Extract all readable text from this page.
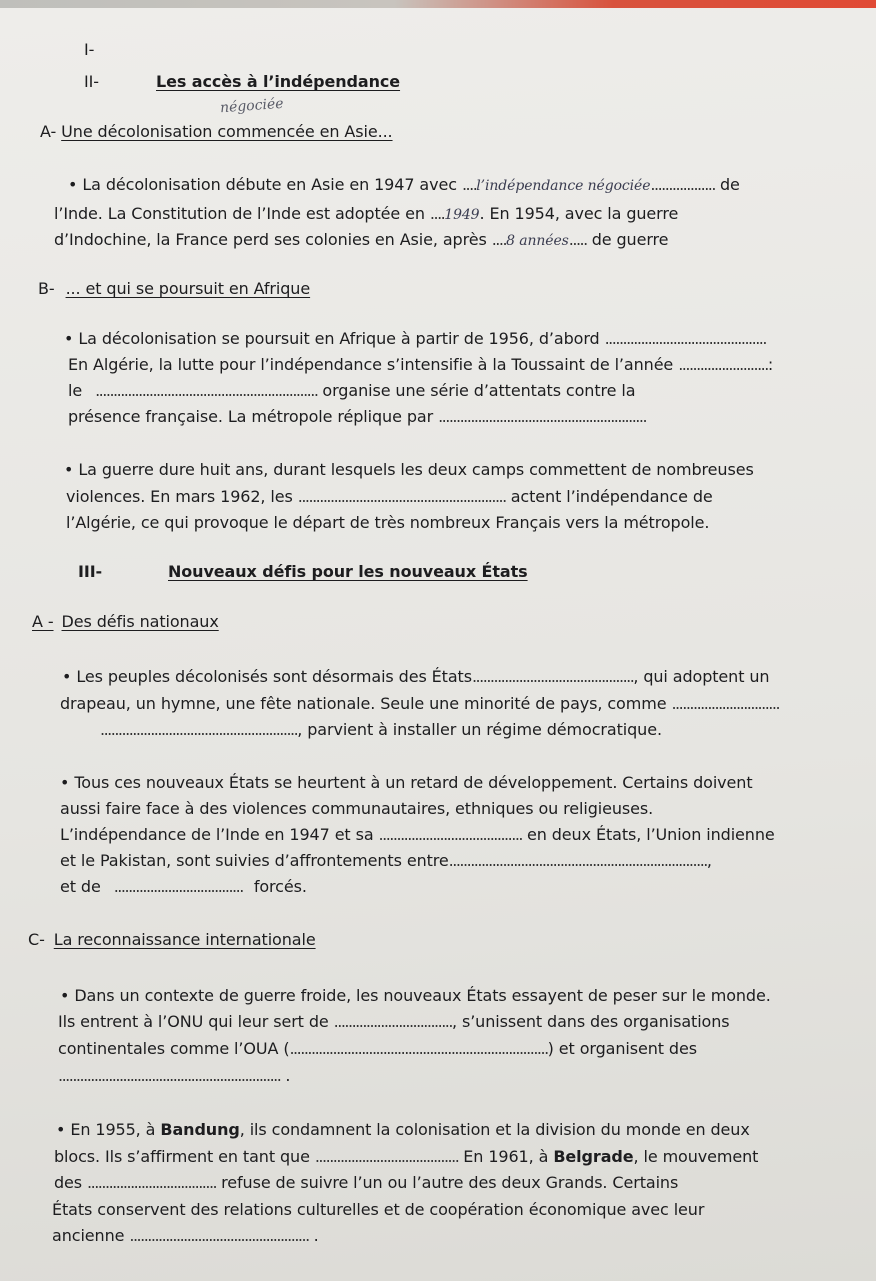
I-
II-	Les accès à l’indépendance
négociée
A- Une décolonisation commencée en Asie...
• La décolonisation débute en Asie en 1947 avec ....l’indépendance négociée.................. de
l’Inde. La Constitution de l’Inde est adoptée en ....1949. En 1954, avec la guerre
d’Indochine, la France perd ses colonies en Asie, après ....8 années..... de guerre
B- ... et qui se poursuit en Afrique
• La décolonisation se poursuit en Afrique à partir de 1956, d’abord .............................................
En Algérie, la lutte pour l’indépendance s’intensifie à la Toussaint de l’année .........................:
le .............................................................. organise une série d’attentats contre la
présence française. La métropole réplique par ..........................................................
• La guerre dure huit ans, durant lesquels les deux camps commettent de nombreuses
violences. En mars 1962, les .......................................................... actent l’indépendance de
l’Algérie, ce qui provoque le départ de très nombreux Français vers la métropole.
III-	Nouveaux défis pour les nouveaux États
A - Des défis nationaux
• Les peuples décolonisés sont désormais des États............................................., qui adoptent un
drapeau, un hymne, une fête nationale. Seule une minorité de pays, comme ..............................
......................................................., parvient à installer un régime démocratique.
• Tous ces nouveaux États se heurtent à un retard de développement. Certains doivent
aussi faire face à des violences communautaires, ethniques ou religieuses.
L’indépendance de l’Inde en 1947 et sa ........................................ en deux États, l’Union indienne
et le Pakistan, sont suivies d’affrontements entre........................................................................,
et de .................................... forcés.
C- La reconnaissance internationale
• Dans un contexte de guerre froide, les nouveaux États essayent de peser sur le monde.
Ils entrent à l’ONU qui leur sert de ................................., s’unissent dans des organisations
continentales comme l’OUA (........................................................................) et organisent des
.............................................................. .
• En 1955, à Bandung, ils condamnent la colonisation et la division du monde en deux
blocs. Ils s’affirment en tant que ........................................ En 1961, à Belgrade, le mouvement
des .................................... refuse de suivre l’un ou l’autre des deux Grands. Certains
États conservent des relations culturelles et de coopération économique avec leur
ancienne .................................................. .
